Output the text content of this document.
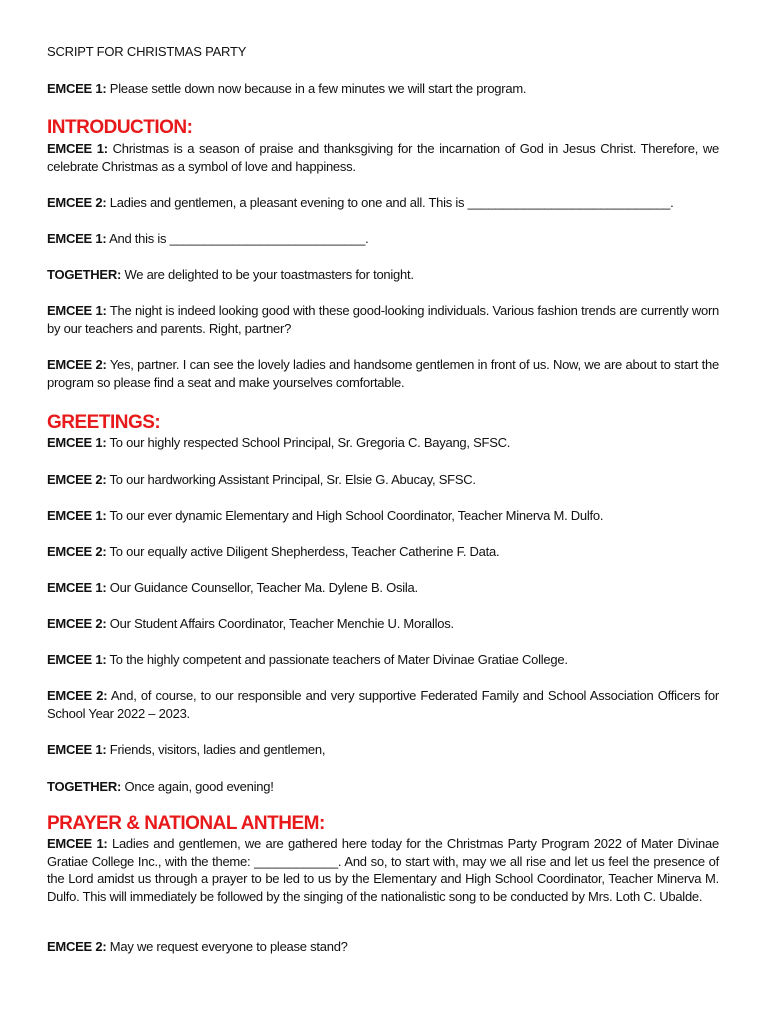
SCRIPT FOR CHRISTMAS PARTY
EMCEE 1: Please settle down now because in a few minutes we will start the program.
INTRODUCTION:
EMCEE 1: Christmas is a season of praise and thanksgiving for the incarnation of God in Jesus Christ. Therefore, we celebrate Christmas as a symbol of love and happiness.
EMCEE 2: Ladies and gentlemen, a pleasant evening to one and all. This is _____________________________.
EMCEE 1: And this is ____________________________.
TOGETHER: We are delighted to be your toastmasters for tonight.
EMCEE 1: The night is indeed looking good with these good-looking individuals. Various fashion trends are currently worn by our teachers and parents. Right, partner?
EMCEE 2: Yes, partner. I can see the lovely ladies and handsome gentlemen in front of us. Now, we are about to start the program so please find a seat and make yourselves comfortable.
GREETINGS:
EMCEE 1: To our highly respected School Principal, Sr. Gregoria C. Bayang, SFSC.
EMCEE 2: To our hardworking Assistant Principal, Sr. Elsie G. Abucay, SFSC.
EMCEE 1: To our ever dynamic Elementary and High School Coordinator, Teacher Minerva M. Dulfo.
EMCEE 2: To our equally active Diligent Shepherdess, Teacher Catherine F. Data.
EMCEE 1: Our Guidance Counsellor, Teacher Ma. Dylene B. Osila.
EMCEE 2: Our Student Affairs Coordinator, Teacher Menchie U. Morallos.
EMCEE 1: To the highly competent and passionate teachers of Mater Divinae Gratiae College.
EMCEE 2: And, of course, to our responsible and very supportive Federated Family and School Association Officers for School Year 2022 – 2023.
EMCEE 1: Friends, visitors, ladies and gentlemen,
TOGETHER: Once again, good evening!
PRAYER & NATIONAL ANTHEM:
EMCEE 1: Ladies and gentlemen, we are gathered here today for the Christmas Party Program 2022 of Mater Divinae Gratiae College Inc., with the theme: ____________. And so, to start with, may we all rise and let us feel the presence of the Lord amidst us through a prayer to be led to us by the Elementary and High School Coordinator, Teacher Minerva M. Dulfo. This will immediately be followed by the singing of the nationalistic song to be conducted by Mrs. Loth C. Ubalde.
EMCEE 2: May we request everyone to please stand?
